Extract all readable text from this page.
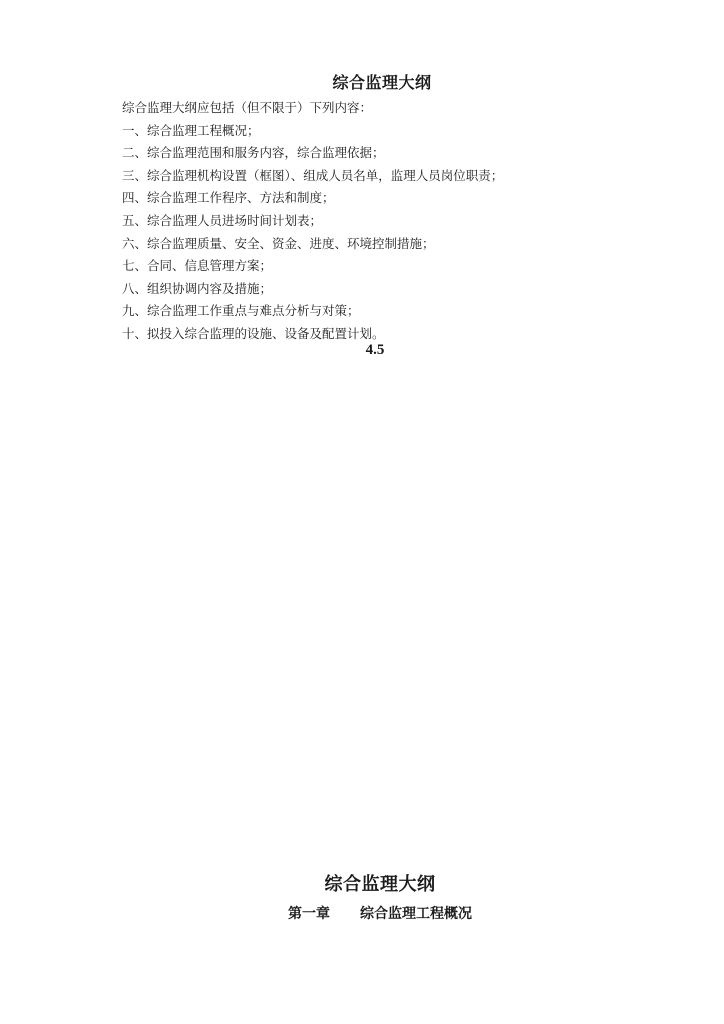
综合监理大纲

综合监理大纲应包括（但不限于）下列内容：

一、综合监理工程概况；

二、综合监理范围和服务内容，综合监理依据；

三、综合监理机构设置（框图）、组成人员名单，监理人员岗位职责；

四、综合监理工作程序、方法和制度；

五、综合监理人员进场时间计划表；

六、综合监理质量、安全、资金、进度、环境控制措施；

七、合同、信息管理方案；

八、组织协调内容及措施；

九、综合监理工作重点与难点分析与对策；

十、拟投入综合监理的设施、设备及配置计划。

4.5
综合监理大纲
第一章 综合监理工程概况
